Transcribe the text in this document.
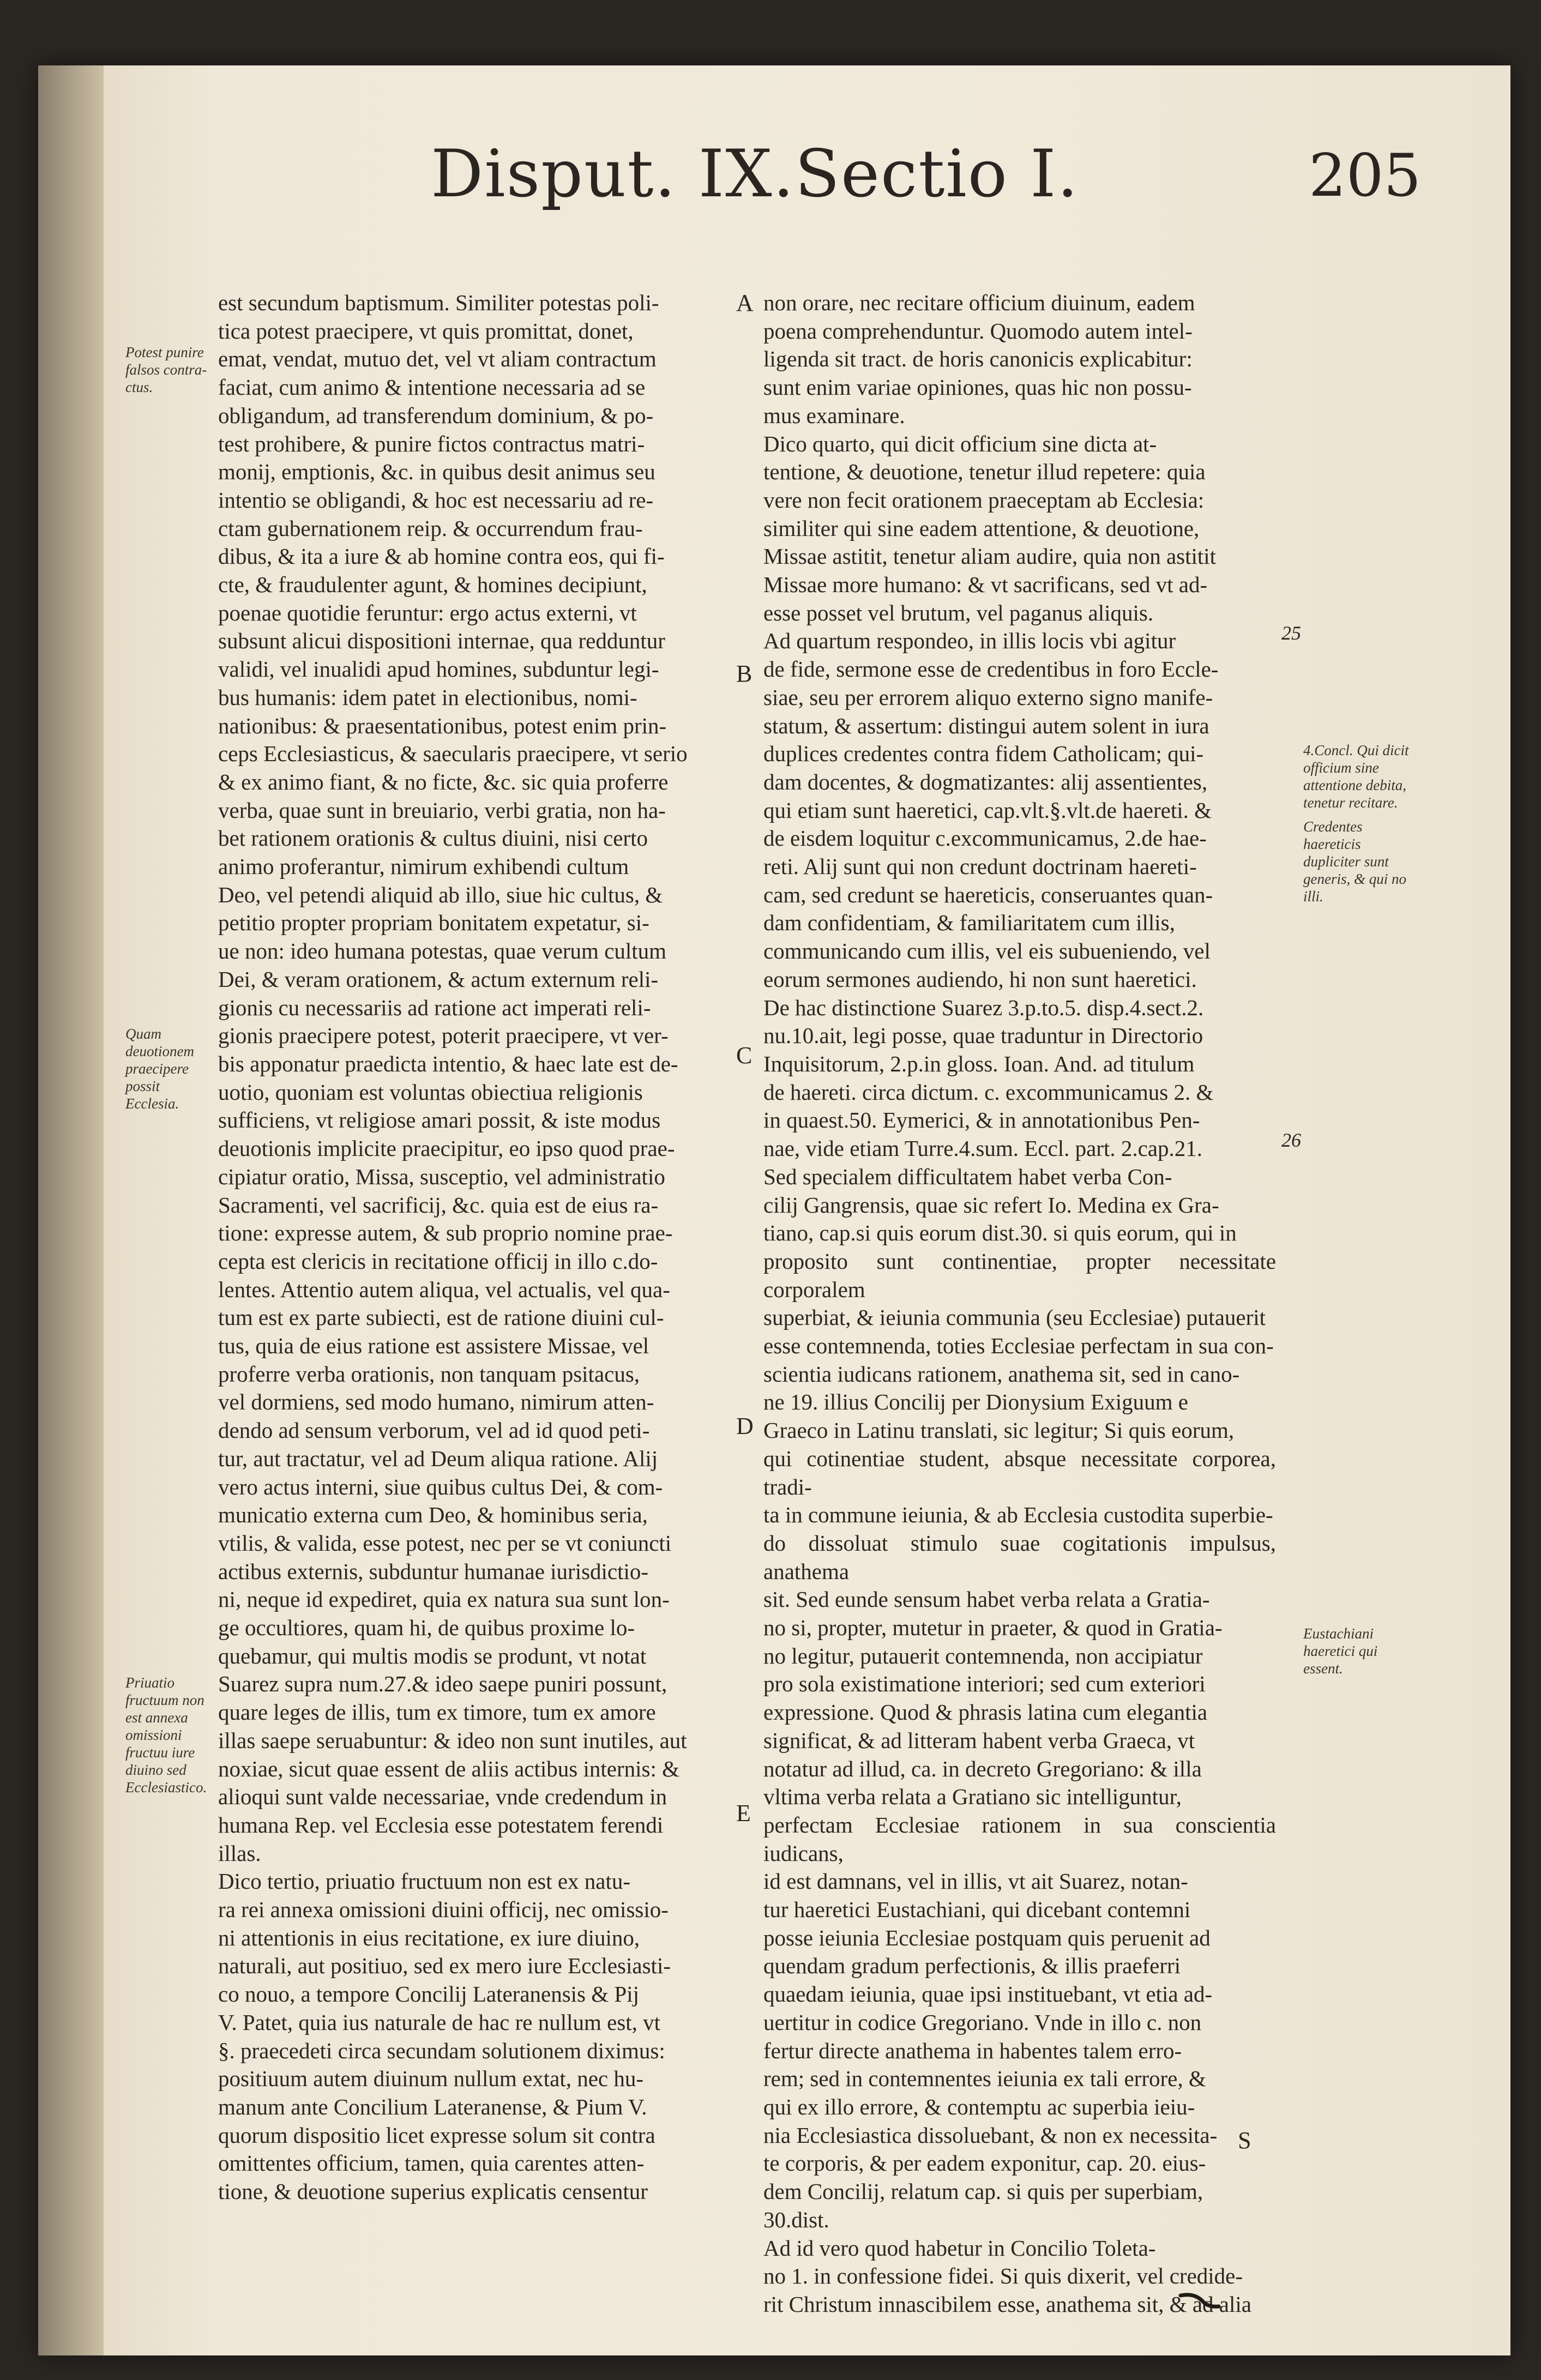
Disput. IX.Sectio I.	205

est secundum baptismum. Similiter potestas poli-

tica potest praecipere, vt quis promittat, donet,

emat, vendat, mutuo det, vel vt aliam contractum

faciat, cum animo & intentione necessaria ad se

obligandum, ad transferendum dominium, & po-

test prohibere, & punire fictos contractus matri-

monij, emptionis, &c. in quibus desit animus seu

intentio se obligandi, & hoc est necessariu ad re-

ctam gubernationem reip. & occurrendum frau-

dibus, & ita a iure & ab homine contra eos, qui fi-

cte, & fraudulenter agunt, & homines decipiunt,

poenae quotidie feruntur: ergo actus externi, vt

subsunt alicui dispositioni internae, qua redduntur

validi, vel inualidi apud homines, subduntur legi-

bus humanis: idem patet in electionibus, nomi-

nationibus: & praesentationibus, potest enim prin-

ceps Ecclesiasticus, & saecularis praecipere, vt serio

& ex animo fiant, & no ficte, &c. sic quia proferre

verba, quae sunt in breuiario, verbi gratia, non ha-

bet rationem orationis & cultus diuini, nisi certo

animo proferantur, nimirum exhibendi cultum

Deo, vel petendi aliquid ab illo, siue hic cultus, &

petitio propter propriam bonitatem expetatur, si-

ue non: ideo humana potestas, quae verum cultum

Dei, & veram orationem, & actum externum reli-

gionis cu necessariis ad ratione act imperati reli-

gionis praecipere potest, poterit praecipere, vt ver-

bis apponatur praedicta intentio, & haec late est de-

uotio, quoniam est voluntas obiectiua religionis

sufficiens, vt religiose amari possit, & iste modus

deuotionis implicite praecipitur, eo ipso quod prae-

cipiatur oratio, Missa, susceptio, vel administratio

Sacramenti, vel sacrificij, &c. quia est de eius ra-

tione: expresse autem, & sub proprio nomine prae-

cepta est clericis in recitatione officij in illo c.do-

lentes. Attentio autem aliqua, vel actualis, vel qua-

tum est ex parte subiecti, est de ratione diuini cul-

tus, quia de eius ratione est assistere Missae, vel

proferre verba orationis, non tanquam psitacus,

vel dormiens, sed modo humano, nimirum atten-

dendo ad sensum verborum, vel ad id quod peti-

tur, aut tractatur, vel ad Deum aliqua ratione. Alij

vero actus interni, siue quibus cultus Dei, & com-

municatio externa cum Deo, & hominibus seria,

vtilis, & valida, esse potest, nec per se vt coniuncti

actibus externis, subduntur humanae iurisdictio-

ni, neque id expediret, quia ex natura sua sunt lon-

ge occultiores, quam hi, de quibus proxime lo-

quebamur, qui multis modis se produnt, vt notat

Suarez supra num.27.& ideo saepe puniri possunt,

quare leges de illis, tum ex timore, tum ex amore

illas saepe seruabuntur: & ideo non sunt inutiles, aut

noxiae, sicut quae essent de aliis actibus internis: &

alioqui sunt valde necessariae, vnde credendum in

humana Rep. vel Ecclesia esse potestatem ferendi

illas.

Dico tertio, priuatio fructuum non est ex natu-

ra rei annexa omissioni diuini officij, nec omissio-

ni attentionis in eius recitatione, ex iure diuino,

naturali, aut positiuo, sed ex mero iure Ecclesiasti-

co nouo, a tempore Concilij Lateranensis & Pij

V. Patet, quia ius naturale de hac re nullum est, vt

§. praecedeti circa secundam solutionem diximus:

positiuum autem diuinum nullum extat, nec hu-

manum ante Concilium Lateranense, & Pium V.

quorum dispositio licet expresse solum sit contra

omittentes officium, tamen, quia carentes atten-

tione, & deuotione superius explicatis censentur

non orare, nec recitare officium diuinum, eadem

poena comprehenduntur. Quomodo autem intel-

ligenda sit tract. de horis canonicis explicabitur:

sunt enim variae opiniones, quas hic non possu-

mus examinare.

Dico quarto, qui dicit officium sine dicta at-

tentione, & deuotione, tenetur illud repetere: quia

vere non fecit orationem praeceptam ab Ecclesia:

similiter qui sine eadem attentione, & deuotione,

Missae astitit, tenetur aliam audire, quia non astitit

Missae more humano: & vt sacrificans, sed vt ad-

esse posset vel brutum, vel paganus aliquis.

Ad quartum respondeo, in illis locis vbi agitur

de fide, sermone esse de credentibus in foro Eccle-

siae, seu per errorem aliquo externo signo manife-

statum, & assertum: distingui autem solent in iura

duplices credentes contra fidem Catholicam; qui-

dam docentes, & dogmatizantes: alij assentientes,

qui etiam sunt haeretici, cap.vlt.§.vlt.de haereti. &

de eisdem loquitur c.excommunicamus, 2.de hae-

reti. Alij sunt qui non credunt doctrinam haereti-

cam, sed credunt se haereticis, conseruantes quan-

dam confidentiam, & familiaritatem cum illis,

communicando cum illis, vel eis subueniendo, vel

eorum sermones audiendo, hi non sunt haeretici.

De hac distinctione Suarez 3.p.to.5. disp.4.sect.2.

nu.10.ait, legi posse, quae traduntur in Directorio

Inquisitorum, 2.p.in gloss. Ioan. And. ad titulum

de haereti. circa dictum. c. excommunicamus 2. &

in quaest.50. Eymerici, & in annotationibus Pen-

nae, vide etiam Turre.4.sum. Eccl. part. 2.cap.21.

Sed specialem difficultatem habet verba Con-

cilij Gangrensis, quae sic refert Io. Medina ex Gra-

tiano, cap.si quis eorum dist.30. si quis eorum, qui in

proposito sunt continentiae, propter necessitate corporalem

superbiat, & ieiunia communia (seu Ecclesiae) putauerit

esse contemnenda, toties Ecclesiae perfectam in sua con-

scientia iudicans rationem, anathema sit, sed in cano-

ne 19. illius Concilij per Dionysium Exiguum e

Graeco in Latinu translati, sic legitur; Si quis eorum,

qui cotinentiae student, absque necessitate corporea, tradi-

ta in commune ieiunia, & ab Ecclesia custodita superbie-

do dissoluat stimulo suae cogitationis impulsus, anathema

sit. Sed eunde sensum habet verba relata a Gratia-

no si, propter, mutetur in praeter, & quod in Gratia-

no legitur, putauerit contemnenda, non accipiatur

pro sola existimatione interiori; sed cum exteriori

expressione. Quod & phrasis latina cum elegantia

significat, & ad litteram habent verba Graeca, vt

notatur ad illud, ca. in decreto Gregoriano: & illa

vltima verba relata a Gratiano sic intelliguntur,

perfectam Ecclesiae rationem in sua conscientia iudicans,

id est damnans, vel in illis, vt ait Suarez, notan-

tur haeretici Eustachiani, qui dicebant contemni

posse ieiunia Ecclesiae postquam quis peruenit ad

quendam gradum perfectionis, & illis praeferri

quaedam ieiunia, quae ipsi instituebant, vt etia ad-

uertitur in codice Gregoriano. Vnde in illo c. non

fertur directe anathema in habentes talem erro-

rem; sed in contemnentes ieiunia ex tali errore, &

qui ex illo errore, & contemptu ac superbia ieiu-

nia Ecclesiastica dissoluebant, & non ex necessita-

te corporis, & per eadem exponitur, cap. 20. eius-

dem Concilij, relatum cap. si quis per superbiam,

30.dist.

Ad id vero quod habetur in Concilio Toleta-

no 1. in confessione fidei. Si quis dixerit, vel credide-

rit Christum innascibilem esse, anathema sit, & ad alia

Potest punire falsos contra-ctus.
Quam deuotionem praecipere possit Ecclesia.
Priuatio fructuum non est annexa omissioni fructuu iure diuino sed Ecclesiastico.
4.Concl. Qui dicit officium sine attentione debita, tenetur recitare.
Credentes haereticis dupliciter sunt generis, & qui no illi.
Eustachiani haeretici qui essent.
A
B
C
D
E
25
26
S
